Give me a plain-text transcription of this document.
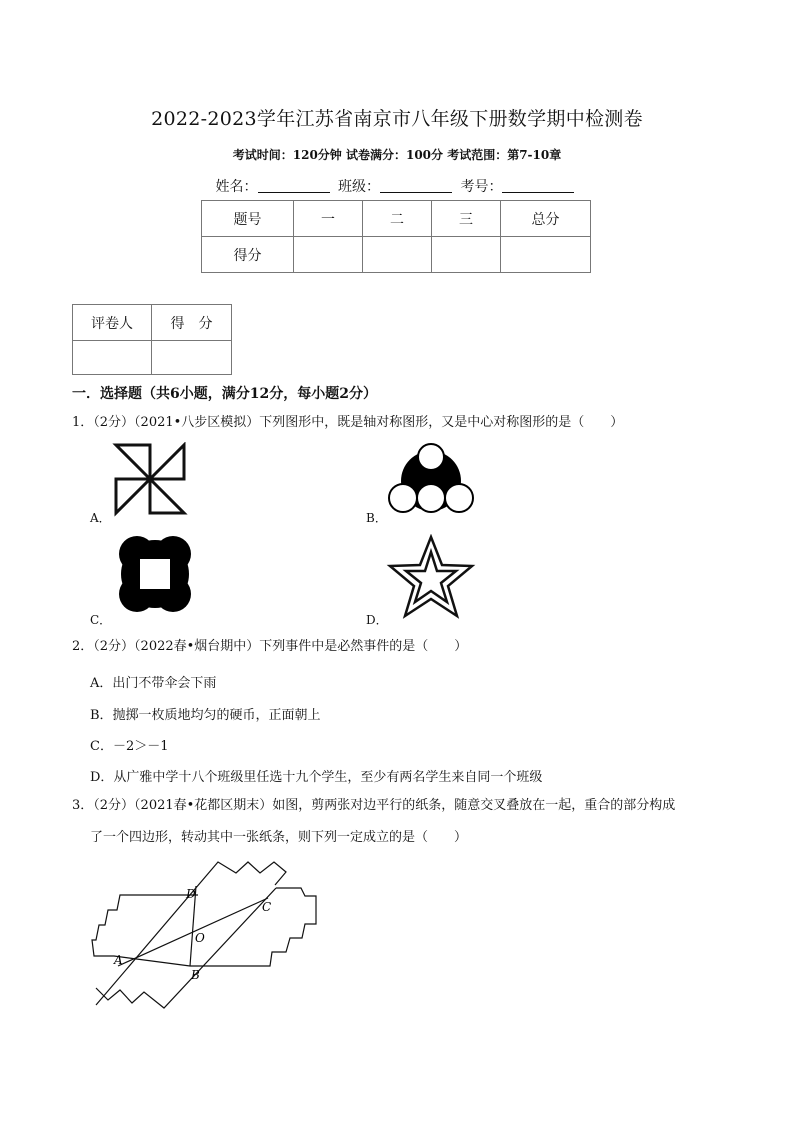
2022-2023学年江苏省南京市八年级下册数学期中检测卷
考试时间：120分钟 试卷满分：100分 考试范围：第7-10章
姓名：	班级：	考号：
题号	一	二	三	总分
得分				
评卷人	得　分

一．选择题（共6小题，满分12分，每小题2分）
1．（2分）（2021•八步区模拟）下列图形中，既是轴对称图形，又是中心对称图形的是（　　）
A．	B．
C．	D．
2．（2分）（2022春•烟台期中）下列事件中是必然事件的是（　　）
A．出门不带伞会下雨
B．抛掷一枚质地均匀的硬币，正面朝上
C．－2＞－1
D．从广雅中学十八个班级里任选十九个学生，至少有两名学生来自同一个班级
3．（2分）（2021春•花都区期末）如图，剪两张对边平行的纸条，随意交叉叠放在一起，重合的部分构成
了一个四边形，转动其中一张纸条，则下列一定成立的是（　　）
D
C
O
A
B
